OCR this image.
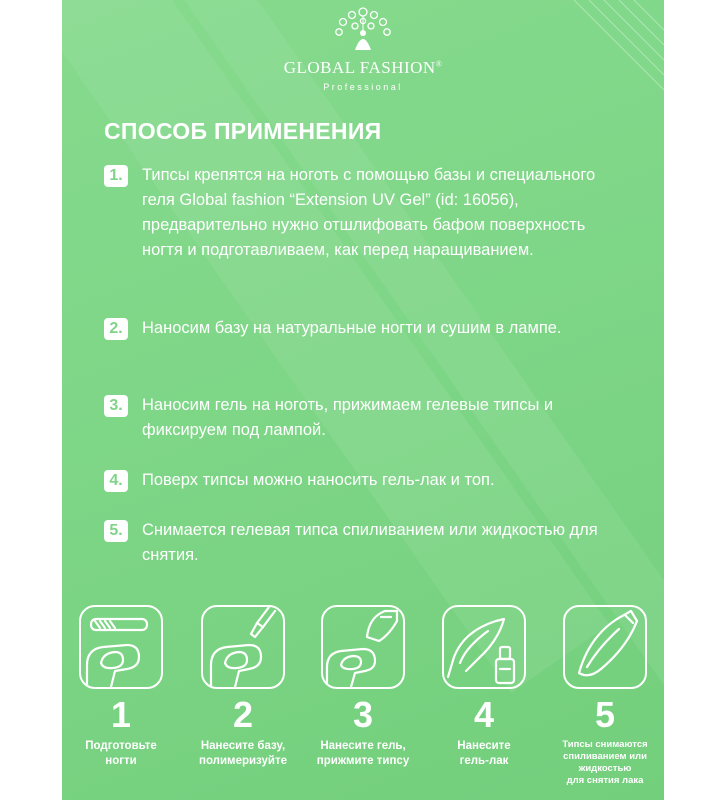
GLOBAL FASHION®
Professional
СПОСОБ ПРИМЕНЕНИЯ
1.	Типсы крепятся на ноготь с помощью базы и специального геля Global fashion “Extension UV Gel” (id: 16056), предварительно нужно отшлифовать бафом поверхность ногтя и подготавливаем, как перед наращиванием.
2.	Наносим базу на натуральные ногти и сушим в лампе.
3.	Наносим гель на ноготь, прижимаем гелевые типсы и фиксируем под лампой.
4.	Поверх типсы можно наносить гель-лак и топ.
5.	Снимается гелевая типса спиливанием или жидкостью для снятия.
1
Подготовьте
ногти
2
Нанесите базу,
полимеризуйте
3
Нанесите гель,
прижмите типсу
4
Нанесите
гель-лак
5
Типсы снимаются
спиливанием или
жидкостью
для снятия лака
